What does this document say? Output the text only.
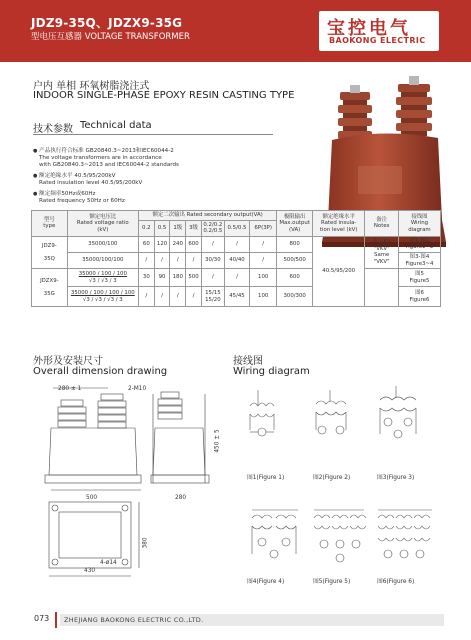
JDZ9-35Q、JDZX9-35G
型电压互感器 VOLTAGE TRANSFORMER	宝控电气
BAOKONG ELECTRIC
户内 单相 环氧树脂浇注式
INDOOR SINGLE-PHASE EPOXY RESIN CASTING TYPE
技术参数 Technical data
● 产品执行符合标准 GB20840.3~2013和IEC60044-2
The voltage transformers are in accordance
with GB20840.3~2013 and IEC60044-2 standards
● 额定绝缘水平 40.5/95/200kV
Rated insulation level 40.5/95/200kV
● 额定频率50Hz或60Hz
Rated frequency 50Hz or 60Hz
型号
type	额定电压比
Rated voltage ratio
(kV)	额定二次输出 Rated secondary output(VA)							极限输出
Max.output
(VA)	额定绝缘水平
Rated insula-
tion level (kV)	备注
Notes	接线图
Wiring
diagram
		0.2	0.5	1级	3级	0.2/0.2
0.2/0.5	0.5/0.5	6P(3P)				
JDZ9-

35Q	35000/100	60	120	240	600	/	/	/	800	40.5/95/200	带 VKV
"VKV"
Same
"VKV"	图1-图2
Figure1~2
	35000/100/100	/	/	/	/	30/30	40/40	/	500/500			图3-图4
Figure3~4
JDZX9-

35G	35000 / 100 / 100
√3 / √3 / 3	30	90	180	500	/	/	100	600			图5
Figure5
	35000 / 100 / 100 / 100
√3 / √3 / √3 / 3	/	/	/	/	15/15
15/20	45/45	100	300/300			图6
Figure6
外形及安装尺寸
Overall dimension drawing
接线图
Wiring diagram
280 ± 1	2-M10
450 ± 5
500	280
430
4-ø14
380
图1(Figure 1)	图2(Figure 2)	图3(Figure 3)
图4(Figure 4)	图5(Figure 5)	图6(Figure 6)
073 ZHEJIANG BAOKONG ELECTRIC CO.,LTD.
